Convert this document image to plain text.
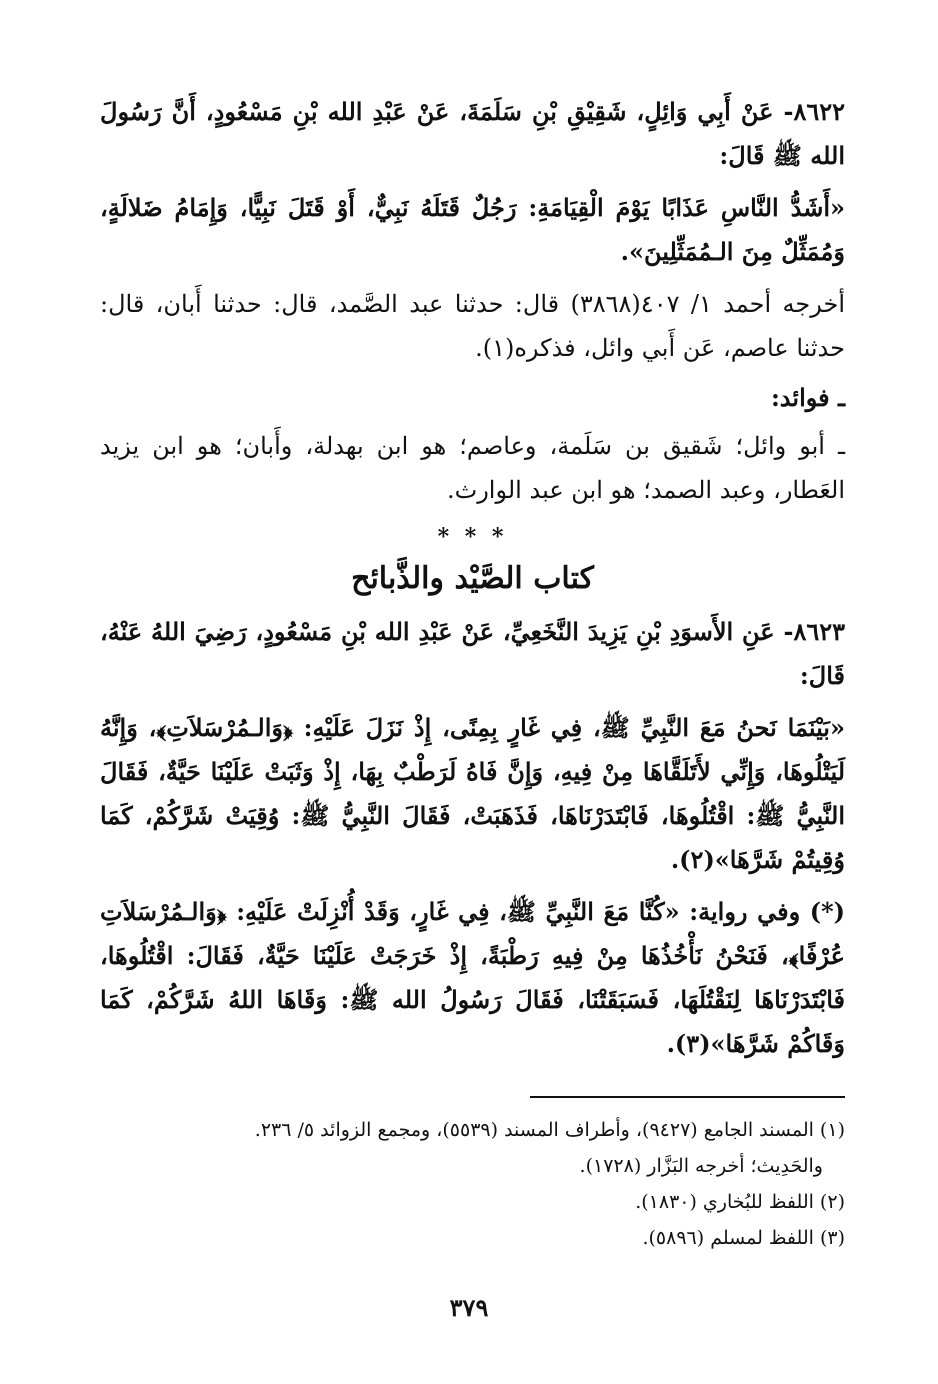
٨٦٢٢- عَنْ أَبِي وَائِلٍ، شَقِيْقِ بْنِ سَلَمَةَ، عَنْ عَبْدِ الله بْنِ مَسْعُودٍ، أَنَّ رَسُولَ الله ﷺ قَالَ:

«أَشَدُّ النَّاسِ عَذَابًا يَوْمَ الْقِيَامَةِ: رَجُلٌ قَتَلَهُ نَبِيٌّ، أَوْ قَتَلَ نَبِيًّا، وَإِمَامُ ضَلالَةٍ، وَمُمَثِّلٌ مِنَ الـمُمَثِّلِينَ».

أخرجه أحمد ١/ ٤٠٧(٣٨٦٨) قال: حدثنا عبد الصَّمد، قال: حدثنا أَبان، قال: حدثنا عاصم، عَن أَبي وائل، فذكره(١).

ـ فوائد:

ـ أبو وائل؛ شَقيق بن سَلَمة، وعاصم؛ هو ابن بهدلة، وأَبان؛ هو ابن يزيد العَطار، وعبد الصمد؛ هو ابن عبد الوارث.

* * *

كتاب الصَّيْد والذَّبائح

٨٦٢٣- عَنِ الأَسوَدِ بْنِ يَزِيدَ النَّخَعِيِّ، عَنْ عَبْدِ الله بْنِ مَسْعُودٍ، رَضِيَ اللهُ عَنْهُ، قَالَ:

«بَيْنَمَا نَحنُ مَعَ النَّبِيِّ ﷺ، فِي غَارٍ بِمِنًى، إِذْ نَزَلَ عَلَيْهِ: ﴿وَالـمُرْسَلاَتِ﴾، وَإِنَّهُ لَيَتْلُوهَا، وَإِنِّي لأَتَلَقَّاهَا مِنْ فِيهِ، وَإِنَّ فَاهُ لَرَطْبٌ بِهَا، إِذْ وَثَبَتْ عَلَيْنَا حَيَّةٌ، فَقَالَ النَّبِيُّ ﷺ: اقْتُلُوهَا، فَابْتَدَرْنَاهَا، فَذَهَبَتْ، فَقَالَ النَّبِيُّ ﷺ: وُقِيَتْ شَرَّكُمْ، كَمَا وُقِيتُمْ شَرَّهَا»(٢).

(*) وفي رواية: «كُنَّا مَعَ النَّبِيِّ ﷺ، فِي غَارٍ، وَقَدْ أُنْزِلَتْ عَلَيْهِ: ﴿وَالـمُرْسَلاَتِ عُرْفًا﴾، فَنَحْنُ نَأْخُذُهَا مِنْ فِيهِ رَطْبَةً، إِذْ خَرَجَتْ عَلَيْنَا حَيَّةٌ، فَقَالَ: اقْتُلُوهَا، فَابْتَدَرْنَاهَا لِنَقْتُلَهَا، فَسَبَقَتْنَا، فَقَالَ رَسُولُ الله ﷺ: وَقَاهَا اللهُ شَرَّكُمْ، كَمَا وَقَاكُمْ شَرَّهَا»(٣).

(١) المسند الجامع (٩٤٢٧)، وأطراف المسند (٥٥٣٩)، ومجمع الزوائد ٥/ ٢٣٦.

والحَدِيث؛ أخرجه البَزَّار (١٧٢٨).

(٢) اللفظ للبُخاري (١٨٣٠).

(٣) اللفظ لمسلم (٥٨٩٦).

٣٧٩
